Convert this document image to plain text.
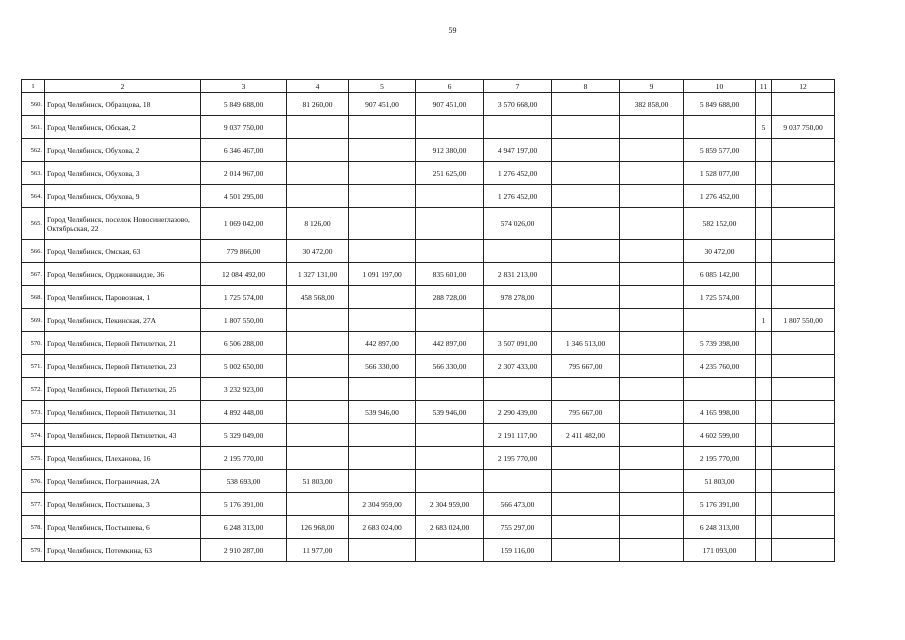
59
1	2	3	4	5	6	7	8	9	10	11	12
560.	Город Челябинск, Образцова, 18	5 849 688,00	81 260,00	907 451,00	907 451,00	3 570 668,00		382 858,00	5 849 688,00		
561.	Город Челябинск, Обская, 2	9 037 750,00								5	9 037 750,00
562.	Город Челябинск, Обухова, 2	6 346 467,00			912 380,00	4 947 197,00			5 859 577,00		
563.	Город Челябинск, Обухова, 3	2 014 967,00			251 625,00	1 276 452,00			1 528 077,00		
564.	Город Челябинск, Обухова, 9	4 501 295,00				1 276 452,00			1 276 452,00		
565.	Город Челябинск, поселок Новосинеглазово, Октябрьская, 22	1 069 042,00	8 126,00			574 026,00			582 152,00		
566.	Город Челябинск, Омская, 63	779 866,00	30 472,00						30 472,00		
567.	Город Челябинск, Орджоникидзе, 36	12 084 492,00	1 327 131,00	1 091 197,00	835 601,00	2 831 213,00			6 085 142,00		
568.	Город Челябинск, Паровозная, 1	1 725 574,00	458 568,00		288 728,00	978 278,00			1 725 574,00		
569.	Город Челябинск, Пекинская, 27А	1 807 550,00								1	1 807 550,00
570.	Город Челябинск, Первой Пятилетки, 21	6 506 288,00		442 897,00	442 897,00	3 507 091,00	1 346 513,00		5 739 398,00		
571.	Город Челябинск, Первой Пятилетки, 23	5 002 650,00		566 330,00	566 330,00	2 307 433,00	795 667,00		4 235 760,00		
572.	Город Челябинск, Первой Пятилетки, 25	3 232 923,00									
573.	Город Челябинск, Первой Пятилетки, 31	4 892 448,00		539 946,00	539 946,00	2 290 439,00	795 667,00		4 165 998,00		
574.	Город Челябинск, Первой Пятилетки, 43	5 329 049,00				2 191 117,00	2 411 482,00		4 602 599,00		
575.	Город Челябинск, Плеханова, 16	2 195 770,00				2 195 770,00			2 195 770,00		
576.	Город Челябинск, Пограничная, 2А	538 693,00	51 803,00						51 803,00		
577.	Город Челябинск, Постышева, 3	5 176 391,00		2 304 959,00	2 304 959,00	566 473,00			5 176 391,00		
578.	Город Челябинск, Постышева, 6	6 248 313,00	126 968,00	2 683 024,00	2 683 024,00	755 297,00			6 248 313,00		
579.	Город Челябинск, Потемкина, 63	2 910 287,00	11 977,00			159 116,00			171 093,00		
